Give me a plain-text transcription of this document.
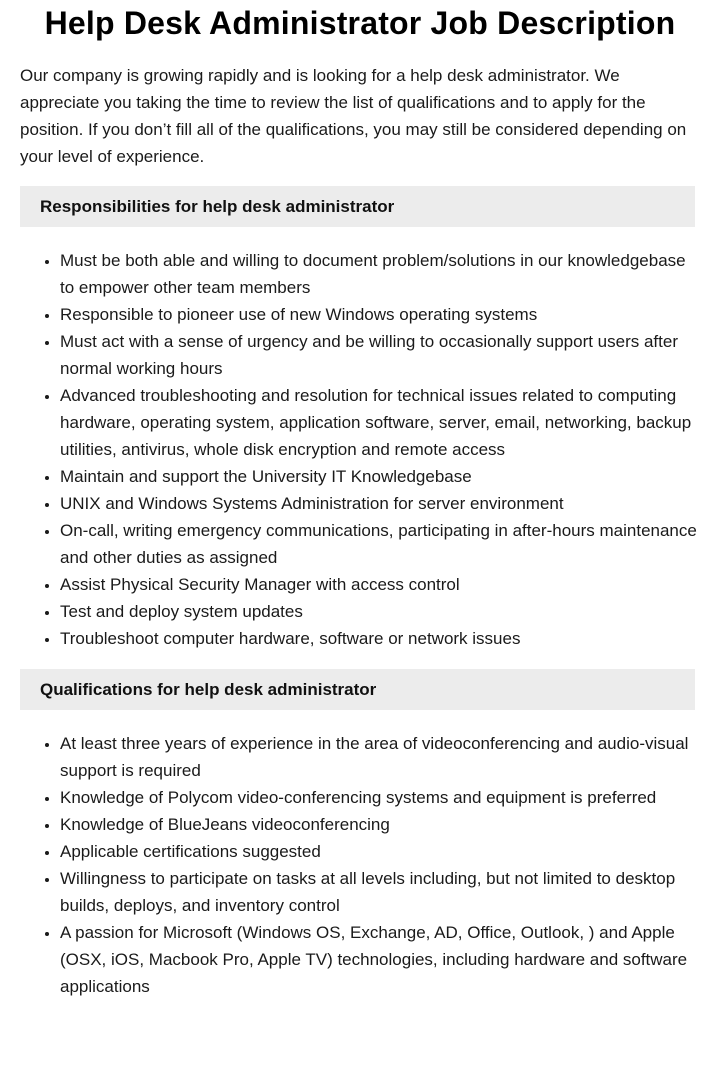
Help Desk Administrator Job Description

Our company is growing rapidly and is looking for a help desk administrator. We appreciate you taking the time to review the list of qualifications and to apply for the position. If you don’t fill all of the qualifications, you may still be considered depending on your level of experience.

Responsibilities for help desk administrator
• Must be both able and willing to document problem/solutions in our knowledgebase to empower other team members
• Responsible to pioneer use of new Windows operating systems
• Must act with a sense of urgency and be willing to occasionally support users after normal working hours
• Advanced troubleshooting and resolution for technical issues related to computing hardware, operating system, application software, server, email, networking, backup utilities, antivirus, whole disk encryption and remote access
• Maintain and support the University IT Knowledgebase
• UNIX and Windows Systems Administration for server environment
• On-call, writing emergency communications, participating in after-hours maintenance and other duties as assigned
• Assist Physical Security Manager with access control
• Test and deploy system updates
• Troubleshoot computer hardware, software or network issues
Qualifications for help desk administrator
• At least three years of experience in the area of videoconferencing and audio-visual support is required
• Knowledge of Polycom video-conferencing systems and equipment is preferred
• Knowledge of BlueJeans videoconferencing
• Applicable certifications suggested
• Willingness to participate on tasks at all levels including, but not limited to desktop builds, deploys, and inventory control
• A passion for Microsoft (Windows OS, Exchange, AD, Office, Outlook, ) and Apple (OSX, iOS, Macbook Pro, Apple TV) technologies, including hardware and software applications
